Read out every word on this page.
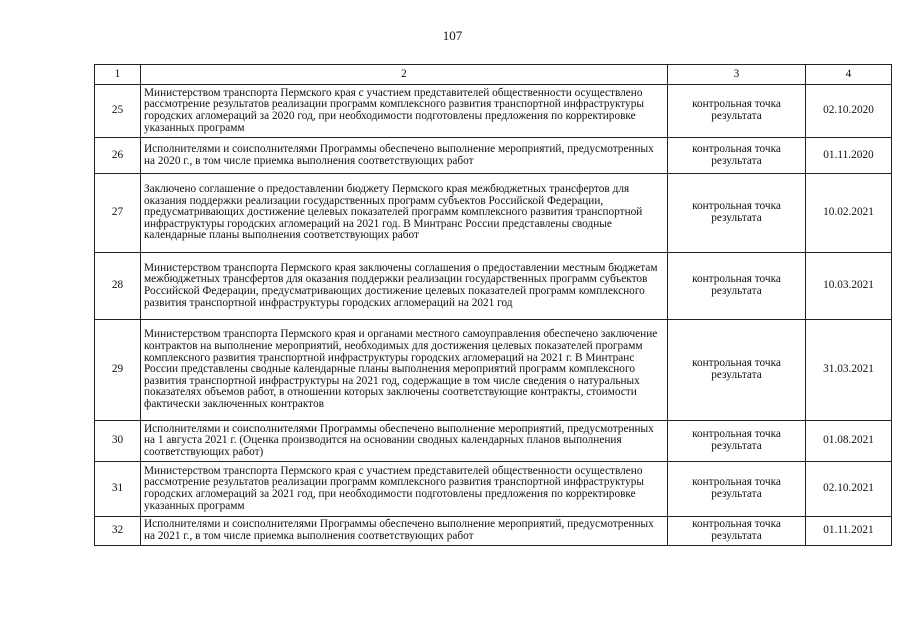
107
1	2	3	4
25	Министерством транспорта Пермского края с участием представителей общественности осуществлено рассмотрение результатов реализации программ комплексного развития транспортной инфраструктуры городских агломераций за 2020 год, при необходимости подготовлены предложения по корректировке указанных программ	контрольная точка результата	02.10.2020
26	Исполнителями и соисполнителями Программы обеспечено выполнение мероприятий, предусмотренных на 2020 г., в том числе приемка выполнения соответствующих работ	контрольная точка результата	01.11.2020
27	Заключено соглашение о предоставлении бюджету Пермского края межбюджетных трансфертов для оказания поддержки реализации государственных программ субъектов Российской Федерации, предусматривающих достижение целевых показателей программ комплексного развития транспортной инфраструктуры городских агломераций на 2021 год. В Минтранс России представлены сводные календарные планы выполнения соответствующих работ	контрольная точка результата	10.02.2021
28	Министерством транспорта Пермского края заключены соглашения о предоставлении местным бюджетам межбюджетных трансфертов для оказания поддержки реализации государственных программ субъектов Российской Федерации, предусматривающих достижение целевых показателей программ комплексного развития транспортной инфраструктуры городских агломераций на 2021 год	контрольная точка результата	10.03.2021
29	Министерством транспорта Пермского края и органами местного самоуправления обеспечено заключение контрактов на выполнение мероприятий, необходимых для достижения целевых показателей программ комплексного развития транспортной инфраструктуры городских агломераций на 2021 г. В Минтранс России представлены сводные календарные планы выполнения мероприятий программ комплексного развития транспортной инфраструктуры на 2021 год, содержащие в том числе сведения о натуральных показателях объемов работ, в отношении которых заключены соответствующие контракты, стоимости фактически заключенных контрактов	контрольная точка результата	31.03.2021
30	Исполнителями и соисполнителями Программы обеспечено выполнение мероприятий, предусмотренных на 1 августа 2021 г. (Оценка производится на основании сводных календарных планов выполнения соответствующих работ)	контрольная точка результата	01.08.2021
31	Министерством транспорта Пермского края с участием представителей общественности осуществлено рассмотрение результатов реализации программ комплексного развития транспортной инфраструктуры городских агломераций за 2021 год, при необходимости подготовлены предложения по корректировке указанных программ	контрольная точка результата	02.10.2021
32	Исполнителями и соисполнителями Программы обеспечено выполнение мероприятий, предусмотренных на 2021 г., в том числе приемка выполнения соответствующих работ	контрольная точка результата	01.11.2021
